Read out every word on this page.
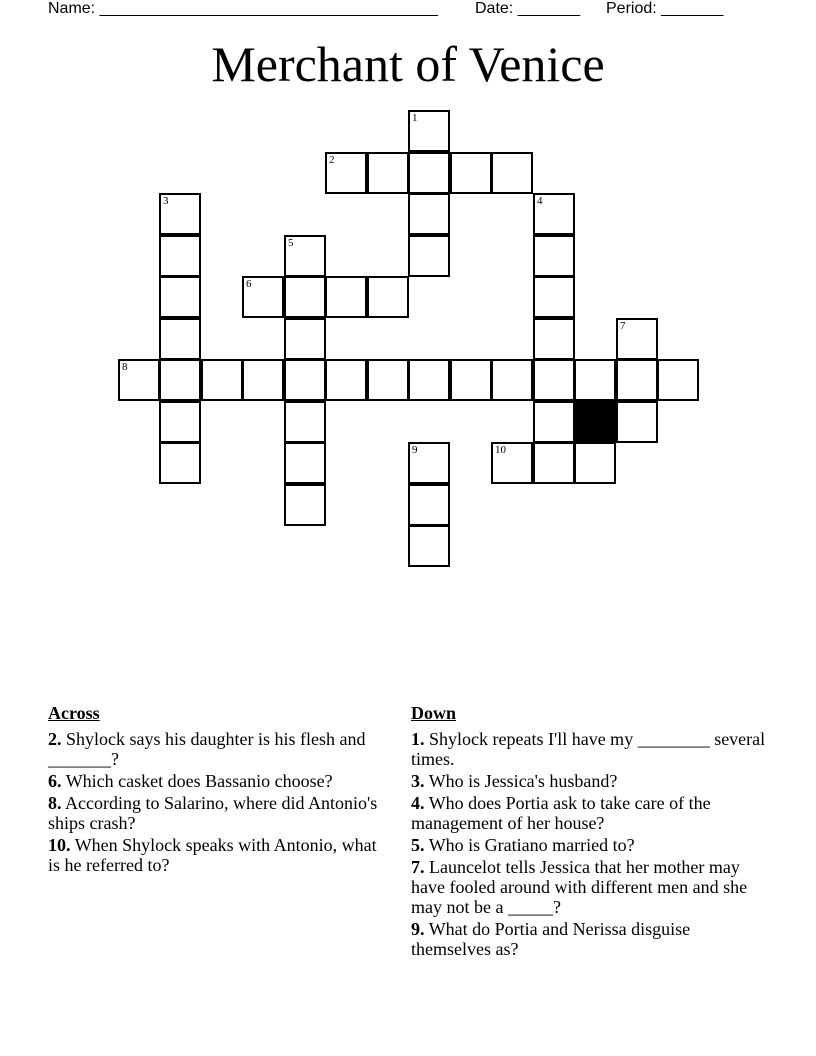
Name: ______________________________________ Date: _______ Period: _______
Merchant of Venice
1
2
3	4
5
6
7
8
9	10
Across
2. Shylock says his daughter is his flesh and _______?
6. Which casket does Bassanio choose?
8. According to Salarino, where did Antonio's ships crash?
10. When Shylock speaks with Antonio, what is he referred to?
Down
1. Shylock repeats I'll have my ________ several times.
3. Who is Jessica's husband?
4. Who does Portia ask to take care of the management of her house?
5. Who is Gratiano married to?
7. Launcelot tells Jessica that her mother may have fooled around with different men and she may not be a _____?
9. What do Portia and Nerissa disguise themselves as?
